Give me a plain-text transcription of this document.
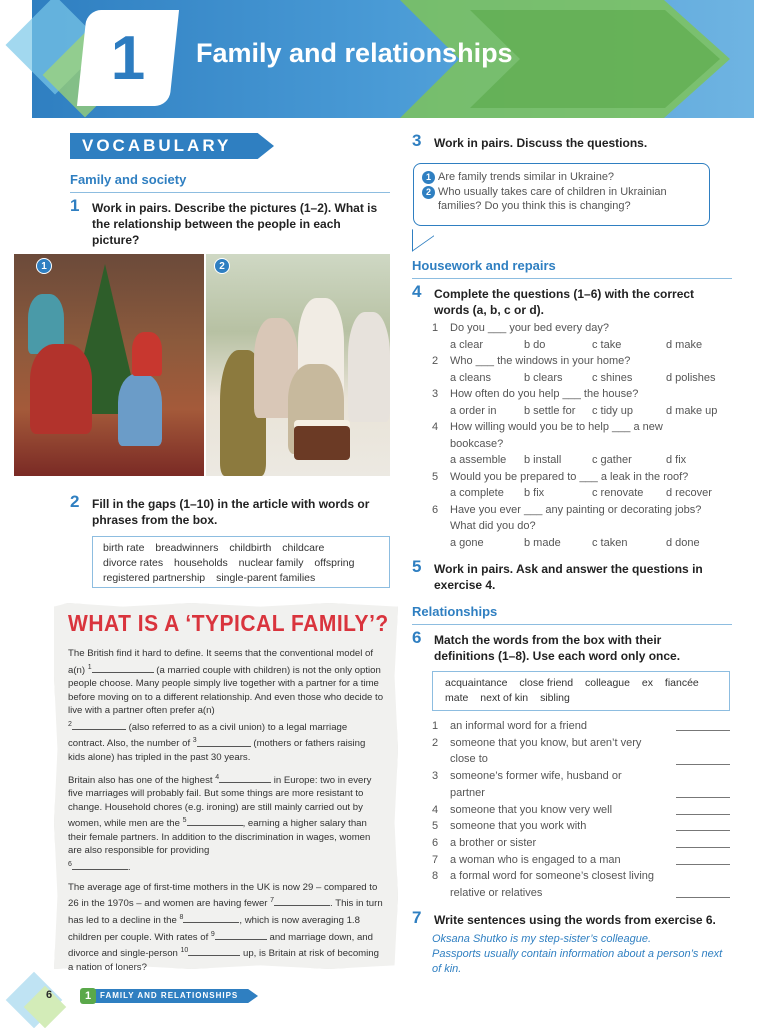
1	Family and relationships
VOCABULARY
Family and society
1 Work in pairs. Describe the pictures (1–2). What is the relationship between the people in each picture?
1	2
2 Fill in the gaps (1–10) in the article with words or phrases from the box.
birth rate breadwinners childbirth childcare divorce rates households nuclear family offspring registered partnership single-parent families
WHAT IS A ‘TYPICAL FAMILY’?

The British find it hard to define. It seems that the conventional model of a(n) $^1$	(a married couple with children) is not the only option people choose. Many people simply live together with a partner for a time before moving on to a different relationship. And even those who decide to live with a partner often prefer a(n)
$^2$	(also referred to as a civil union) to a legal marriage contract. Also, the number of $^3$	(mothers or fathers raising kids alone) has tripled in the past 30 years.

Britain also has one of the highest $^4$	in Europe: two in every five marriages will probably fail. But some things are more resistant to change. Household chores (e.g. ironing) are still mainly carried out by women, while men are the $^5$	, earning a higher salary than their female partners. In addition to the discrimination in wages, women are also responsible for providing
$^6$	.

The average age of first-time mothers in the UK is now 29 – compared to 26 in the 1970s – and women are having fewer $^7$	. This in turn has led to a decline in the $^8$	, which is now averaging 1.8 children per couple. With rates of $^9$	and marriage down, and divorce and single-person $^{10}$	up, is Britain at risk of becoming a nation of loners?

3 Work in pairs. Discuss the questions.
1 Are family trends similar in Ukraine?
2 Who usually takes care of children in Ukrainian families? Do you think this is changing?
Housework and repairs
4 Complete the questions (1–6) with the correct words (a, b, c or d).
1	Do you ___ your bed every day?
a clear	b do	c take	d make
2	Who ___ the windows in your home?
a cleans	b clears	c shines	d polishes
3	How often do you help ___ the house?
a order in	b settle for	c tidy up	d make up
4	How willing would you be to help ___ a new bookcase?
a assemble	b install	c gather	d fix
5	Would you be prepared to ___ a leak in the roof?
a complete	b fix	c renovate	d recover
6	Have you ever ___ any painting or decorating jobs? What did you do?
a gone	b made	c taken	d done
5 Work in pairs. Ask and answer the questions in exercise 4.
Relationships
6 Match the words from the box with their definitions (1–8). Use each word only once.
acquaintance close friend colleague ex fiancée mate next of kin sibling
1	an informal word for a friend
2	someone that you know, but aren’t very close to
3	someone’s former wife, husband or partner
4	someone that you know very well
5	someone that you work with
6	a brother or sister
7	a woman who is engaged to a man
8	a formal word for someone’s closest living relative or relatives
7 Write sentences using the words from exercise 6.
Oksana Shutko is my step-sister’s colleague.
Passports usually contain information about a person’s next of kin.
6	1	FAMILY AND RELATIONSHIPS
